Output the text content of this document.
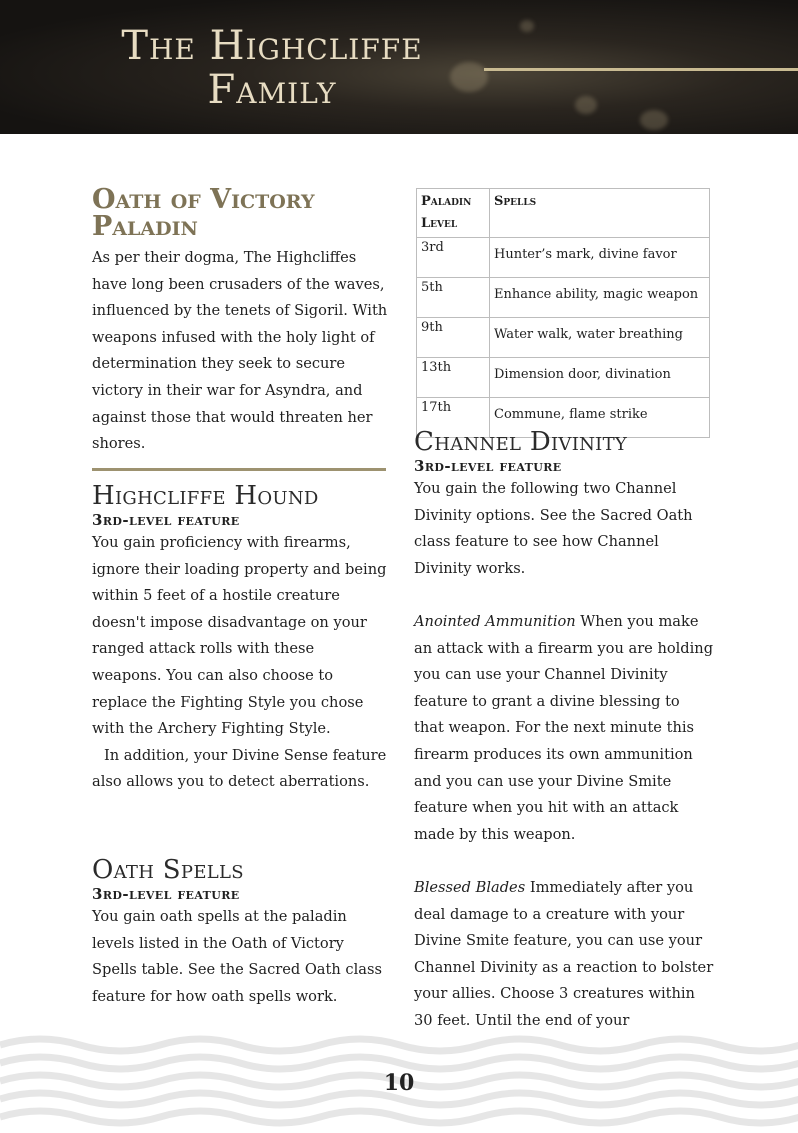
The Highcliffe
Family
Oath of Victory Paladin

As per their dogma, The Highcliffes have long been crusaders of the waves, influenced by the tenets of Sigoril. With weapons infused with the holy light of determination they seek to secure victory in their war for Asyndra, and against those that would threaten her shores.

Highcliffe Hound
3rd-level feature

You gain proficiency with firearms, ignore their loading property and being within 5 feet of a hostile creature doesn't impose disadvantage on your ranged attack rolls with these weapons. You can also choose to replace the Fighting Style you chose with the Archery Fighting Style.

In addition, your Divine Sense feature also allows you to detect aberrations.

Oath Spells
3rd-level feature

You gain oath spells at the paladin levels listed in the Oath of Victory Spells table. See the Sacred Oath class feature for how oath spells work.

Paladin Level	Spells
3rd	Hunter’s mark, divine favor
5th	Enhance ability, magic weapon
9th	Water walk, water breathing
13th	Dimension door, divination
17th	Commune, flame strike
Channel Divinity
3rd-level feature

You gain the following two Channel Divinity options. See the Sacred Oath class feature to see how Channel Divinity works.

Anointed Ammunition When you make an attack with a firearm you are holding you can use your Channel Divinity feature to grant a divine blessing to that weapon. For the next minute this firearm produces its own ammunition and you can use your Divine Smite feature when you hit with an attack made by this weapon.

Blessed Blades Immediately after you deal damage to a creature with your Divine Smite feature, you can use your Channel Divinity as a reaction to bolster your allies. Choose 3 creatures within 30 feet. Until the end of your

10
